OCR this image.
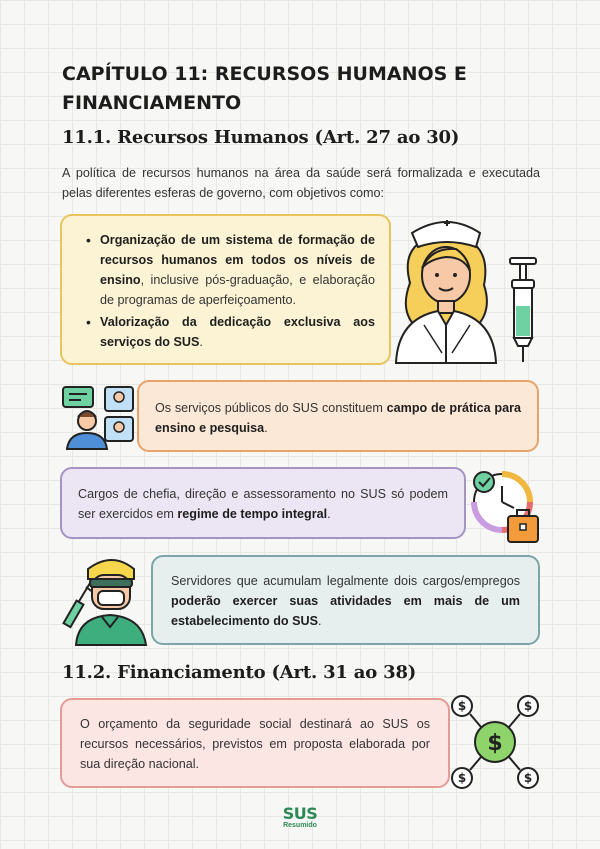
CAPÍTULO 11: RECURSOS HUMANOS E FINANCIAMENTO
11.1. Recursos Humanos (Art. 27 ao 30)
A política de recursos humanos na área da saúde será formalizada e executada pelas diferentes esferas de governo, com objetivos como:
• Organização de um sistema de formação de recursos humanos em todos os níveis de ensino, inclusive pós-graduação, e elaboração de programas de aperfeiçoamento.
• Valorização da dedicação exclusiva aos serviços do SUS.
Os serviços públicos do SUS constituem campo de prática para ensino e pesquisa.
Cargos de chefia, direção e assessoramento no SUS só podem ser exercidos em regime de tempo integral.
Servidores que acumulam legalmente dois cargos/empregos poderão exercer suas atividades em mais de um estabelecimento do SUS.
11.2. Financiamento (Art. 31 ao 38)
O orçamento da seguridade social destinará ao SUS os recursos necessários, previstos em proposta elaborada por sua direção nacional.
$
$	$
$	$
SUS
Resumido
